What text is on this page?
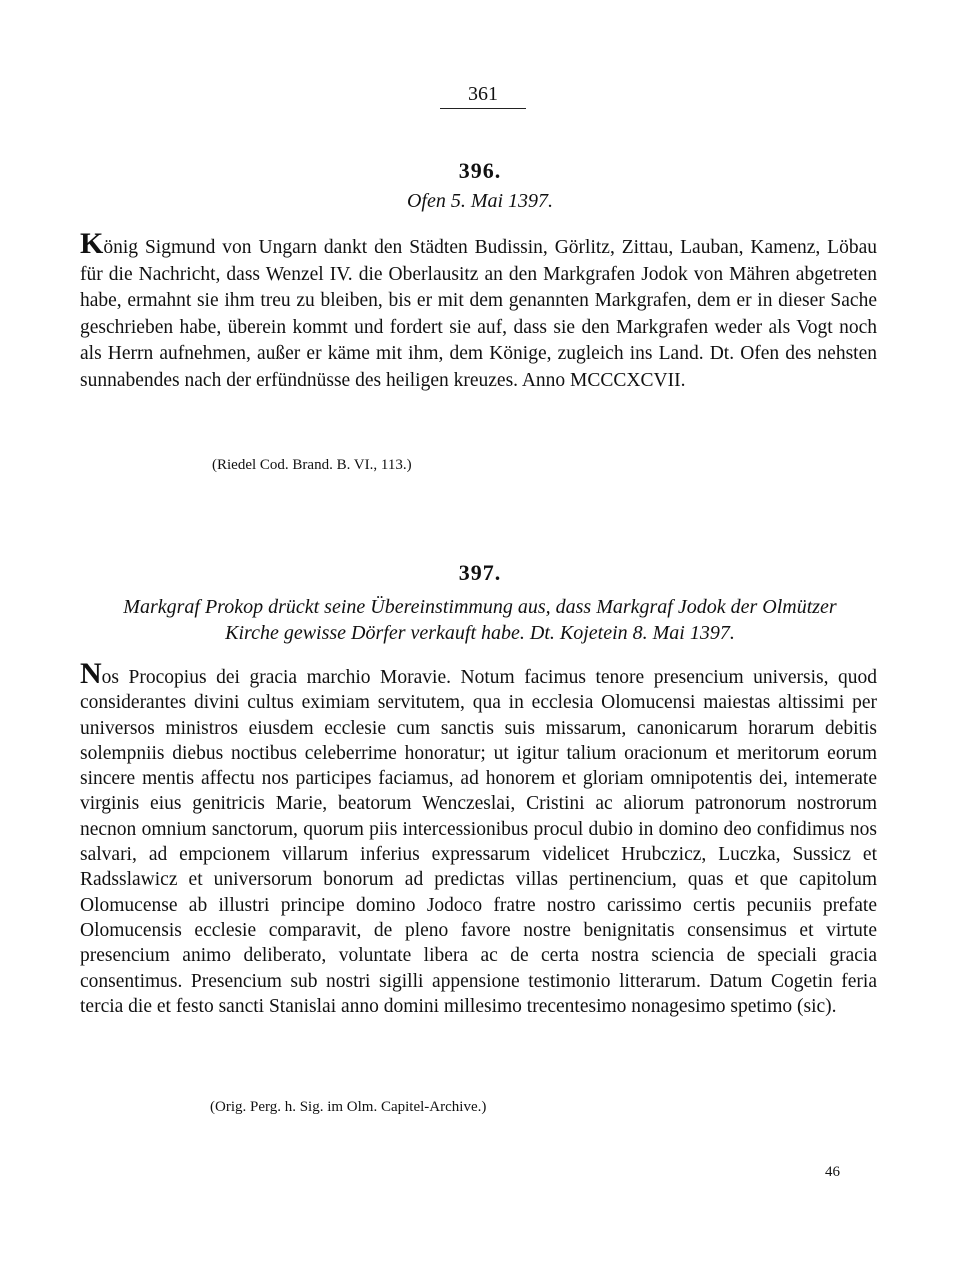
361
396.
Ofen 5. Mai 1397.

König Sigmund von Ungarn dankt den Städten Budissin, Görlitz, Zittau, Lauban, Kamenz, Löbau für die Nachricht, dass Wenzel IV. die Oberlausitz an den Markgrafen Jodok von Mähren abgetreten habe, ermahnt sie ihm treu zu bleiben, bis er mit dem genannten Markgrafen, dem er in dieser Sache geschrieben habe, überein kommt und fordert sie auf, dass sie den Markgrafen weder als Vogt noch als Herrn aufnehmen, außer er käme mit ihm, dem Könige, zugleich ins Land. Dt. Ofen des nehsten sunnabendes nach der erfündnüsse des heiligen kreuzes. Anno MCCCXCVII.

(Riedel Cod. Brand. B. VI., 113.)
397.
Markgraf Prokop drückt seine Übereinstimmung aus, dass Markgraf Jodok der Olmützer
Kirche gewisse Dörfer verkauft habe. Dt. Kojetein 8. Mai 1397.

Nos Procopius dei gracia marchio Moravie. Notum facimus tenore presencium universis, quod considerantes divini cultus eximiam servitutem, qua in ecclesia Olomucensi maiestas altissimi per universos ministros eiusdem ecclesie cum sanctis suis missarum, canonicarum horarum debitis solempniis diebus noctibus celeberrime honoratur; ut igitur talium oracionum et meritorum eorum sincere mentis affectu nos participes faciamus, ad honorem et gloriam omnipotentis dei, intemerate virginis eius genitricis Marie, beatorum Wenczeslai, Cristini ac aliorum patronorum nostrorum necnon omnium sanctorum, quorum piis intercessionibus procul dubio in domino deo confidimus nos salvari, ad empcionem villarum inferius expressarum videlicet Hrubczicz, Luczka, Sussicz et Radsslawicz et universorum bonorum ad predictas villas pertinencium, quas et que capitolum Olomucense ab illustri principe domino Jodoco fratre nostro carissimo certis pecuniis prefate Olomucensis ecclesie comparavit, de pleno favore nostre benignitatis consensimus et virtute presencium animo deliberato, voluntate libera ac de certa nostra sciencia de speciali gracia consentimus. Presencium sub nostri sigilli appensione testimonio litterarum. Datum Cogetin feria tercia die et festo sancti Stanislai anno domini millesimo trecentesimo nonagesimo spetimo (sic).

(Orig. Perg. h. Sig. im Olm. Capitel-Archive.)
46
